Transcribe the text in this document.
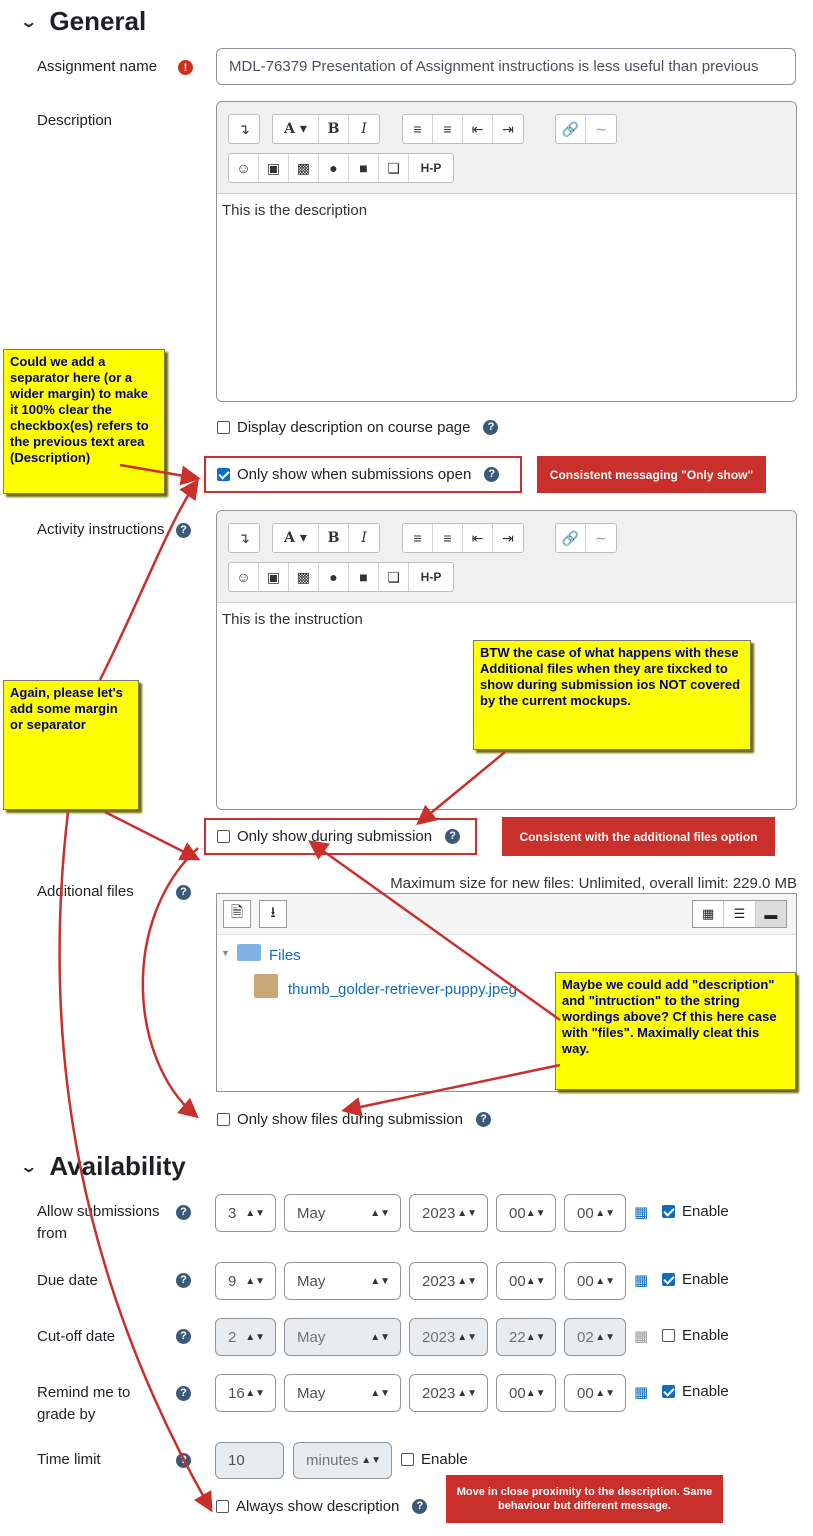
⌄ General
Assignment name	!	MDL-76379 Presentation of Assignment instructions is less useful than previous
Description	↴	A ▾	B	I	≡	≡	⇤	⇥	🔗	∼
☺	▣	▩	●	■	❏	H-P
This is the description
Display description on course page	?
Only show when submissions open	?	Consistent messaging "Only show"
Activity instructions	?	↴	A ▾	B	I	≡	≡	⇤	⇥	🔗	∼
☺	▣	▩	●	■	❏	H-P
This is the instruction
Only show during submission	?	Consistent with the additional files option
Additional files	?	Maximum size for new files: Unlimited, overall limit: 229.0 MB
🗎	⭳	▦	☰	▬
▼	Files
thumb_golder-retriever-puppy.jpeg
Only show files during submission	?
⌄ Availability
Allow submissions
from
?	3 ▲▼ May	▲▼ 2023 ▲▼ 00 ▲▼ 00 ▲▼ ▦ Enable
Due date	?	9 ▲▼ May	▲▼ 2023 ▲▼ 00 ▲▼ 00 ▲▼ ▦ Enable
Cut-off date	?	2 ▲▼ May	▲▼ 2023 ▲▼ 22 ▲▼ 02 ▲▼ ▦ Enable
Remind me to
grade by
?	16 ▲▼ May	▲▼ 2023 ▲▼ 00 ▲▼ 00 ▲▼ ▦ Enable
Time limit	?	10	minutes ▲▼	Enable
Always show description	?
Move in close proximity to the description. Same behaviour but different message.
Could we add a separator here (or a wider margin) to make it 100% clear the checkbox(es) refers to the previous text area (Description)
Again, please let's add some margin or separator
BTW the case of what happens with these Additional files when they are tixcked to show during submission ios NOT covered by the current mockups.
Maybe we could add "description" and "intruction" to the string wordings above? Cf this here case with "files". Maximally cleat this way.
